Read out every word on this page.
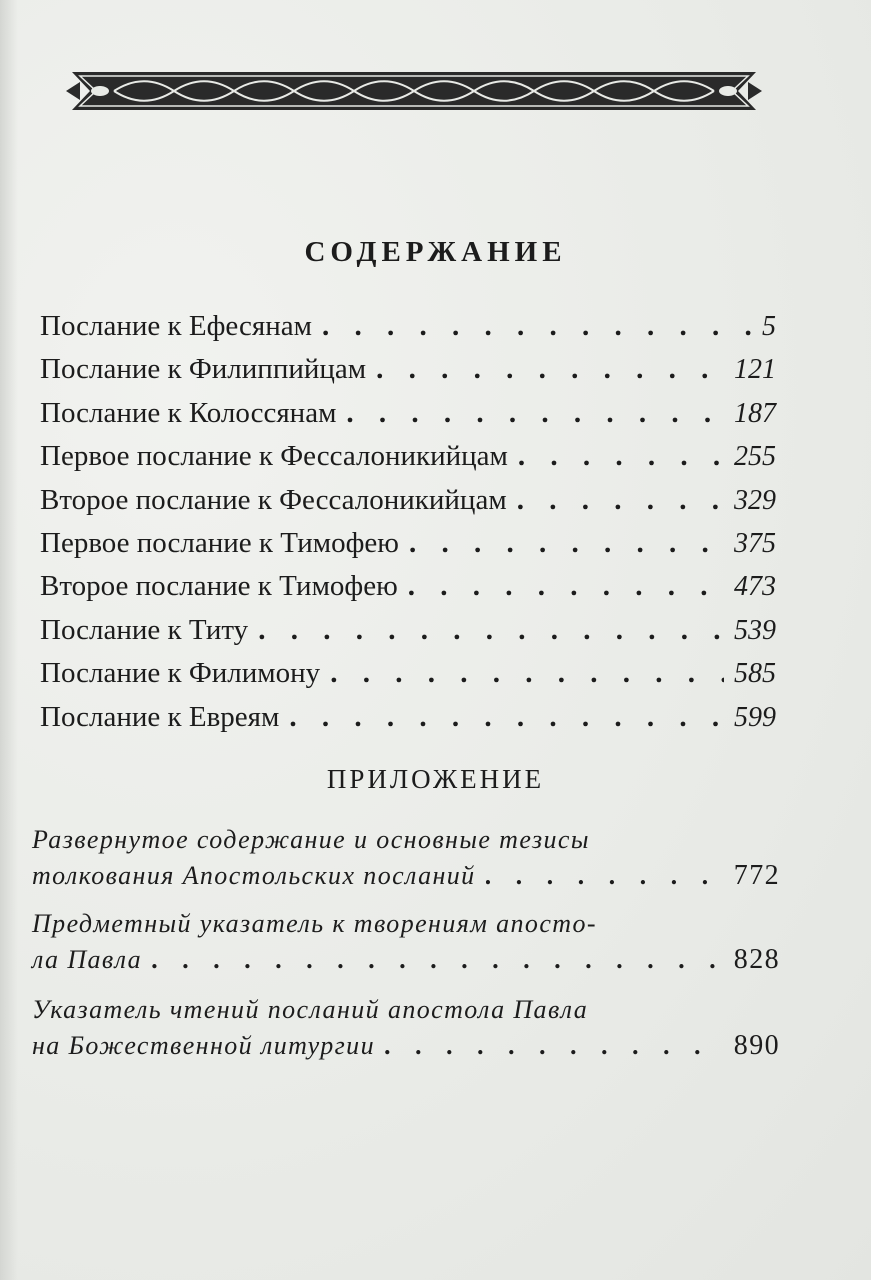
СОДЕРЖАНИЕ
Послание к Ефесянам . . .	5
Послание к Филиппийцам . . .	121
Послание к Колоссянам . . .	187
Первое послание к Фессалоникийцам . . .	255
Второе послание к Фессалоникийцам . . .	329
Первое послание к Тимофею . . .	375
Второе послание к Тимофею . . .	473
Послание к Титу . . .	539
Послание к Филимону . . .	585
Послание к Евреям . . .	599
ПРИЛОЖЕНИЕ
Развернутое содержание и основные тезисы
толкования Апостольских посланий . . .	772
Предметный указатель к творениям апосто-
ла Павла . . .	828
Указатель чтений посланий апостола Павла
на Божественной литургии . . .	890
